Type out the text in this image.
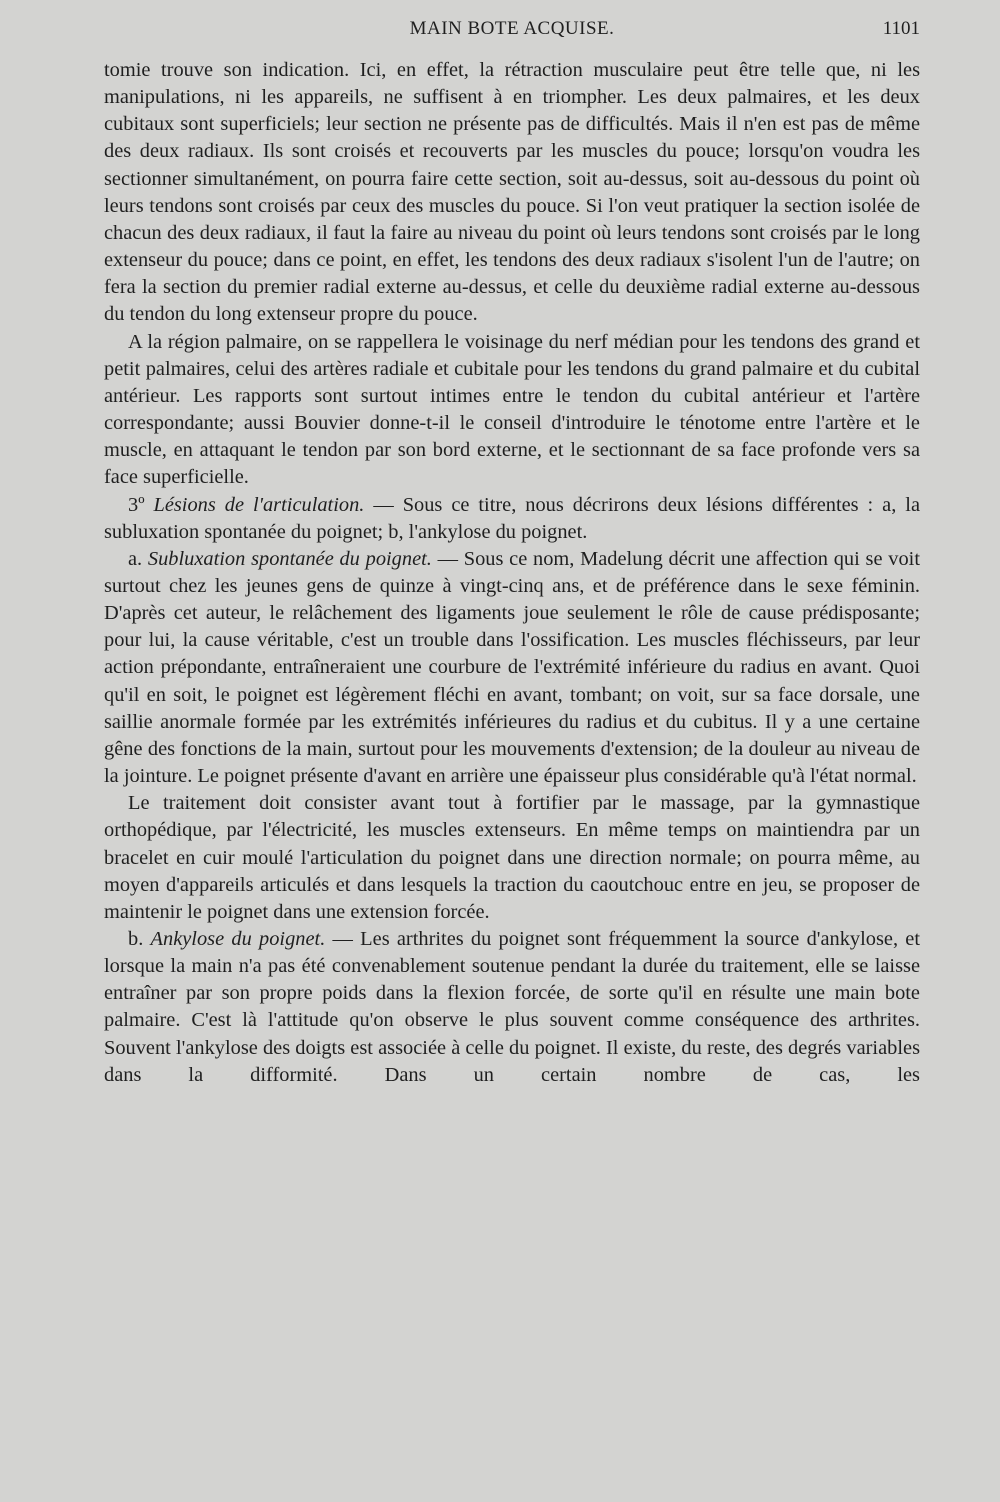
MAIN BOTE ACQUISE.	1101

tomie trouve son indication. Ici, en effet, la rétraction musculaire peut être telle que, ni les manipulations, ni les appareils, ne suffisent à en triompher. Les deux palmaires, et les deux cubitaux sont superficiels; leur section ne présente pas de difficultés. Mais il n'en est pas de même des deux radiaux. Ils sont croisés et recouverts par les muscles du pouce; lorsqu'on voudra les sectionner simultanément, on pourra faire cette section, soit au-dessus, soit au-dessous du point où leurs tendons sont croisés par ceux des muscles du pouce. Si l'on veut pratiquer la section isolée de chacun des deux radiaux, il faut la faire au niveau du point où leurs tendons sont croisés par le long extenseur du pouce; dans ce point, en effet, les tendons des deux radiaux s'isolent l'un de l'autre; on fera la section du premier radial externe au-dessus, et celle du deuxième radial externe au-dessous du tendon du long extenseur propre du pouce.

A la région palmaire, on se rappellera le voisinage du nerf médian pour les tendons des grand et petit palmaires, celui des artères radiale et cubitale pour les tendons du grand palmaire et du cubital antérieur. Les rapports sont surtout intimes entre le tendon du cubital antérieur et l'artère correspondante; aussi Bouvier donne-t-il le conseil d'introduire le ténotome entre l'artère et le muscle, en attaquant le tendon par son bord externe, et le sectionnant de sa face profonde vers sa face superficielle.

3º Lésions de l'articulation. — Sous ce titre, nous décrirons deux lésions différentes : a, la subluxation spontanée du poignet; b, l'ankylose du poignet.

a. Subluxation spontanée du poignet. — Sous ce nom, Madelung décrit une affection qui se voit surtout chez les jeunes gens de quinze à vingt-cinq ans, et de préférence dans le sexe féminin. D'après cet auteur, le relâchement des ligaments joue seulement le rôle de cause prédisposante; pour lui, la cause véritable, c'est un trouble dans l'ossification. Les muscles fléchisseurs, par leur action prépondante, entraîneraient une courbure de l'extrémité inférieure du radius en avant. Quoi qu'il en soit, le poignet est légèrement fléchi en avant, tombant; on voit, sur sa face dorsale, une saillie anormale formée par les extrémités inférieures du radius et du cubitus. Il y a une certaine gêne des fonctions de la main, surtout pour les mouvements d'extension; de la douleur au niveau de la jointure. Le poignet présente d'avant en arrière une épaisseur plus considérable qu'à l'état normal.

Le traitement doit consister avant tout à fortifier par le massage, par la gymnastique orthopédique, par l'électricité, les muscles extenseurs. En même temps on maintiendra par un bracelet en cuir moulé l'articulation du poignet dans une direction normale; on pourra même, au moyen d'appareils articulés et dans lesquels la traction du caoutchouc entre en jeu, se proposer de maintenir le poignet dans une extension forcée.

b. Ankylose du poignet. — Les arthrites du poignet sont fréquemment la source d'ankylose, et lorsque la main n'a pas été convenablement soutenue pendant la durée du traitement, elle se laisse entraîner par son propre poids dans la flexion forcée, de sorte qu'il en résulte une main bote palmaire. C'est là l'attitude qu'on observe le plus souvent comme conséquence des arthrites. Souvent l'ankylose des doigts est associée à celle du poignet. Il existe, du reste, des degrés variables dans la difformité. Dans un certain nombre de cas, les
